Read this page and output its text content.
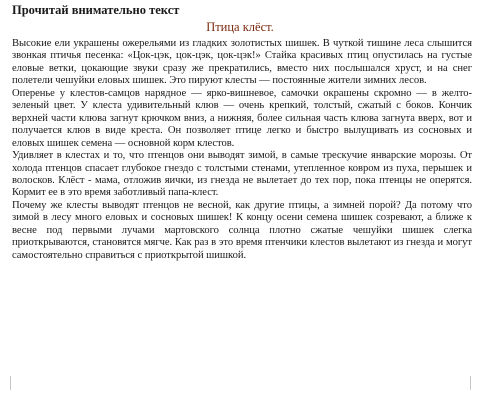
Прочитай внимательно текст
Птица клёст.

Высокие ели украшены ожерельями из гладких золотистых шишек. В чуткой тишине леса слышится звонкая птичья песенка: «Цок-цэк, цок-цэк, цок-цэк!» Стайка красивых птиц опустилась на густые еловые ветки, цокающие звуки сразу же прекратились, вместо них послышался хруст, и на снег полетели чешуйки еловых шишек. Это пируют клесты — постоянные жители зимних лесов.

Оперенье у клестов-самцов нарядное — ярко-вишневое, самочки окрашены скромно — в желто-зеленый цвет. У клеста удивительный клюв — очень крепкий, толстый, сжатый с боков. Кончик верхней части клюва загнут крючком вниз, а нижняя, более сильная часть клюва загнута вверх, вот и получается клюв в виде креста. Он позволяет птице легко и быстро вылущивать из сосновых и еловых шишек семена — основной корм клестов.

Удивляет в клестах и то, что птенцов они выводят зимой, в самые трескучие январские морозы. От холода птенцов спасает глубокое гнездо с толстыми стенами, утепленное ковром из пуха, перышек и волосков. Клёст - мама, отложив яички, из гнезда не вылетает до тех пор, пока птенцы не оперятся. Кормит ее в это время заботливый папа-клест.

Почему же клесты выводят птенцов не весной, как другие птицы, а зимней порой? Да потому что зимой в лесу много еловых и сосновых шишек! К концу осени семена шишек созревают, а ближе к весне под первыми лучами мартовского солнца плотно сжатые чешуйки шишек слегка приоткрываются, становятся мягче. Как раз в это время птенчики клестов вылетают из гнезда и могут самостоятельно справиться с приоткрытой шишкой.
